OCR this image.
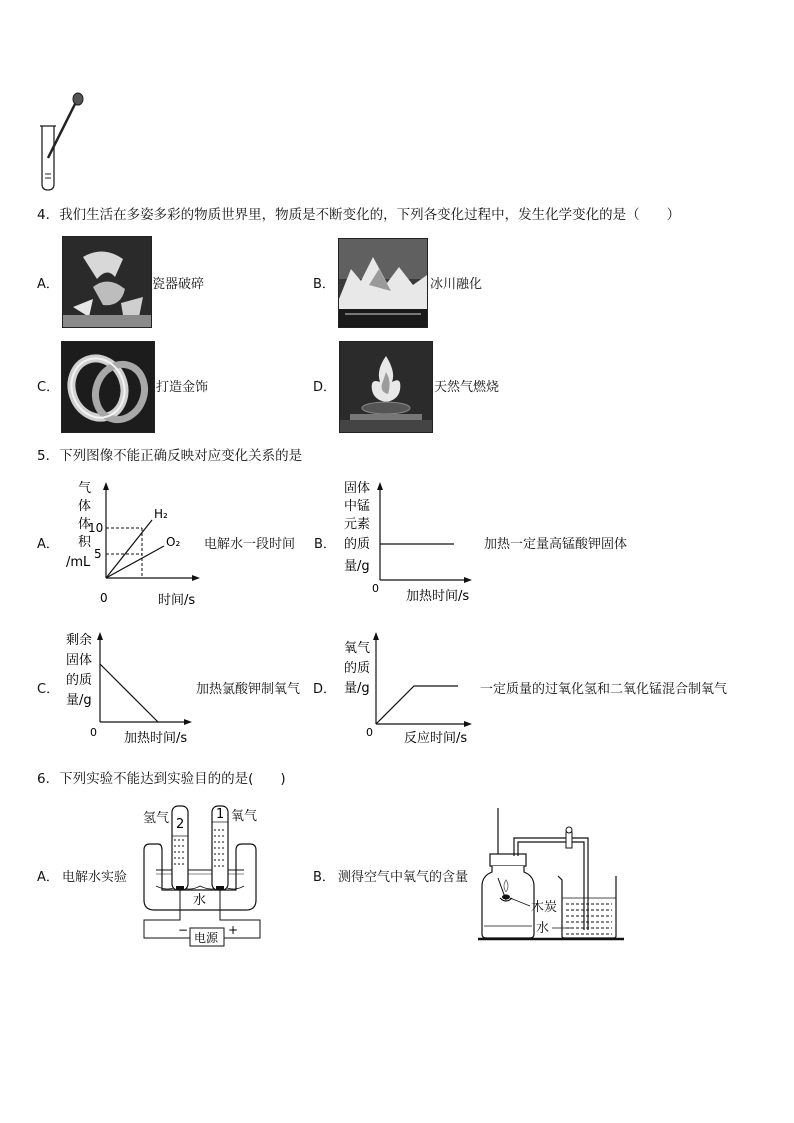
4．我们生活在多姿多彩的物质世界里，物质是不断变化的，下列各变化过程中，发生化学变化的是（　　）
A．	瓷器破碎	B．	冰川融化
C．	打造金饰	D．	天然气燃烧
5．下列图像不能正确反映对应变化关系的是
A．
气
体
体
积
/mL
10
5
H₂
O₂
0	时间/s
电解水一段时间 B．
固体
中锰
元素
的质
量/g
0
加热时间/s
加热一定量高锰酸钾固体
C．
剩余
固体
的质
量/g
0 加热时间/s
加热氯酸钾制氧气 D．
氧气
的质
量/g
0 反应时间/s
一定质量的过氧化氢和二氧化锰混合制氧气
6．下列实验不能达到实验目的的是(　　)
A． 电解水实验
2
1
水
电源
−	+
氢气	氧气
B． 测得空气中氧气的含量
木炭
水
